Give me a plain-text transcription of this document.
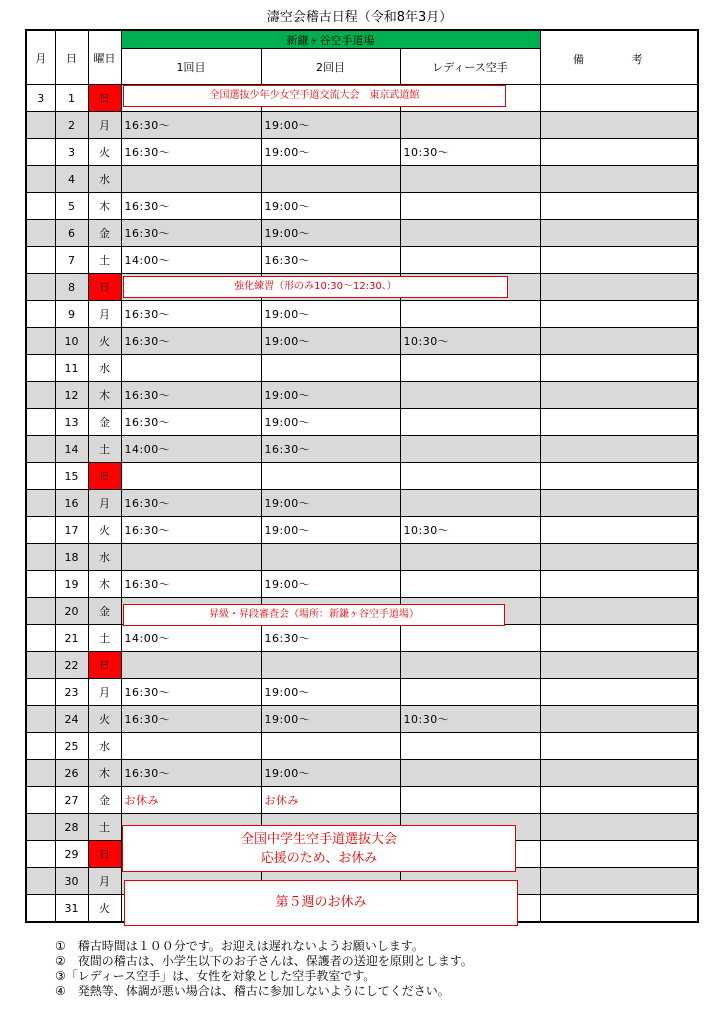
濤空会稽古日程（令和8年3月）
月	日	曜日	新鎌ヶ谷空手道場			備 考
			1回目	2回目	レディース空手	
3	1	日				
	2	月	16:30～	19:00～		
	3	火	16:30～	19:00～	10:30～	
	4	水				
	5	木	16:30～	19:00～		
	6	金	16:30～	19:00～		
	7	土	14:00～	16:30～		
	8	日				
	9	月	16:30～	19:00～		
	10	火	16:30～	19:00～	10:30～	
	11	水				
	12	木	16:30～	19:00～		
	13	金	16:30～	19:00～		
	14	土	14:00～	16:30～		
	15	日				
	16	月	16:30～	19:00～		
	17	火	16:30～	19:00～	10:30～	
	18	水				
	19	木	16:30～	19:00～		
	20	金				
	21	土	14:00～	16:30～		
	22	日				
	23	月	16:30～	19:00～		
	24	火	16:30～	19:00～	10:30～	
	25	水				
	26	木	16:30～	19:00～		
	27	金	お休み	お休み		
	28	土				
	29	日				
	30	月				
	31	火				
全国選抜少年少女空手道交流大会　東京武道館
強化練習（形のみ10:30～12:30、）
昇級・昇段審査会（場所：新鎌ヶ谷空手道場）
全国中学生空手道選抜大会
応援のため、お休み
第５週のお休み
①　稽古時間は１００分です。お迎えは遅れないようお願いします。
②　夜間の稽古は、小学生以下のお子さんは、保護者の送迎を原則とします。
③「レディース空手」は、女性を対象とした空手教室です。
④　発熱等、体調が悪い場合は、稽古に参加しないようにしてください。
